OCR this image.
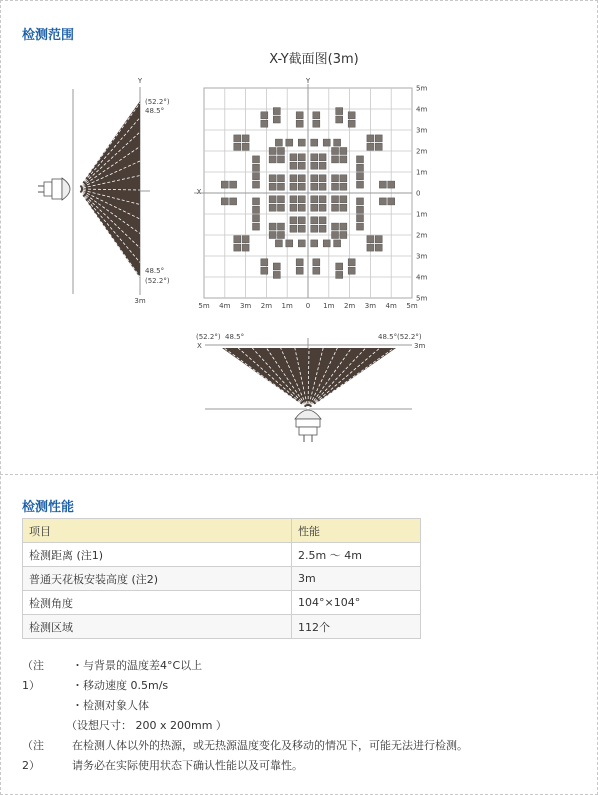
检测范围
X-Y截面图(3m)
Y
(52.2°)
48.5°
48.5°
(52.2°)
3m
Y
X
5m 4m 3m 2m 1m 0 1m 2m 3m 4m 5m
5m
4m
3m
2m
1m
0
1m
2m
3m
4m
5m
(52.2°) 48.5°
X
48.5° (52.2°)
3m
检测性能
项目	性能
检测距离 (注1)	2.5m ～ 4m
普通天花板安装高度 (注2)	3m
检测角度	104°×104°
检测区域	112个
（注1）
・与背景的温度差4°C以上
・移动速度 0.5m/s
・检测对象人体
（设想尺寸： 200 x 200mm ）
（注2）
在检测人体以外的热源，或无热源温度变化及移动的情况下，可能无法进行检测。
请务必在实际使用状态下确认性能以及可靠性。
